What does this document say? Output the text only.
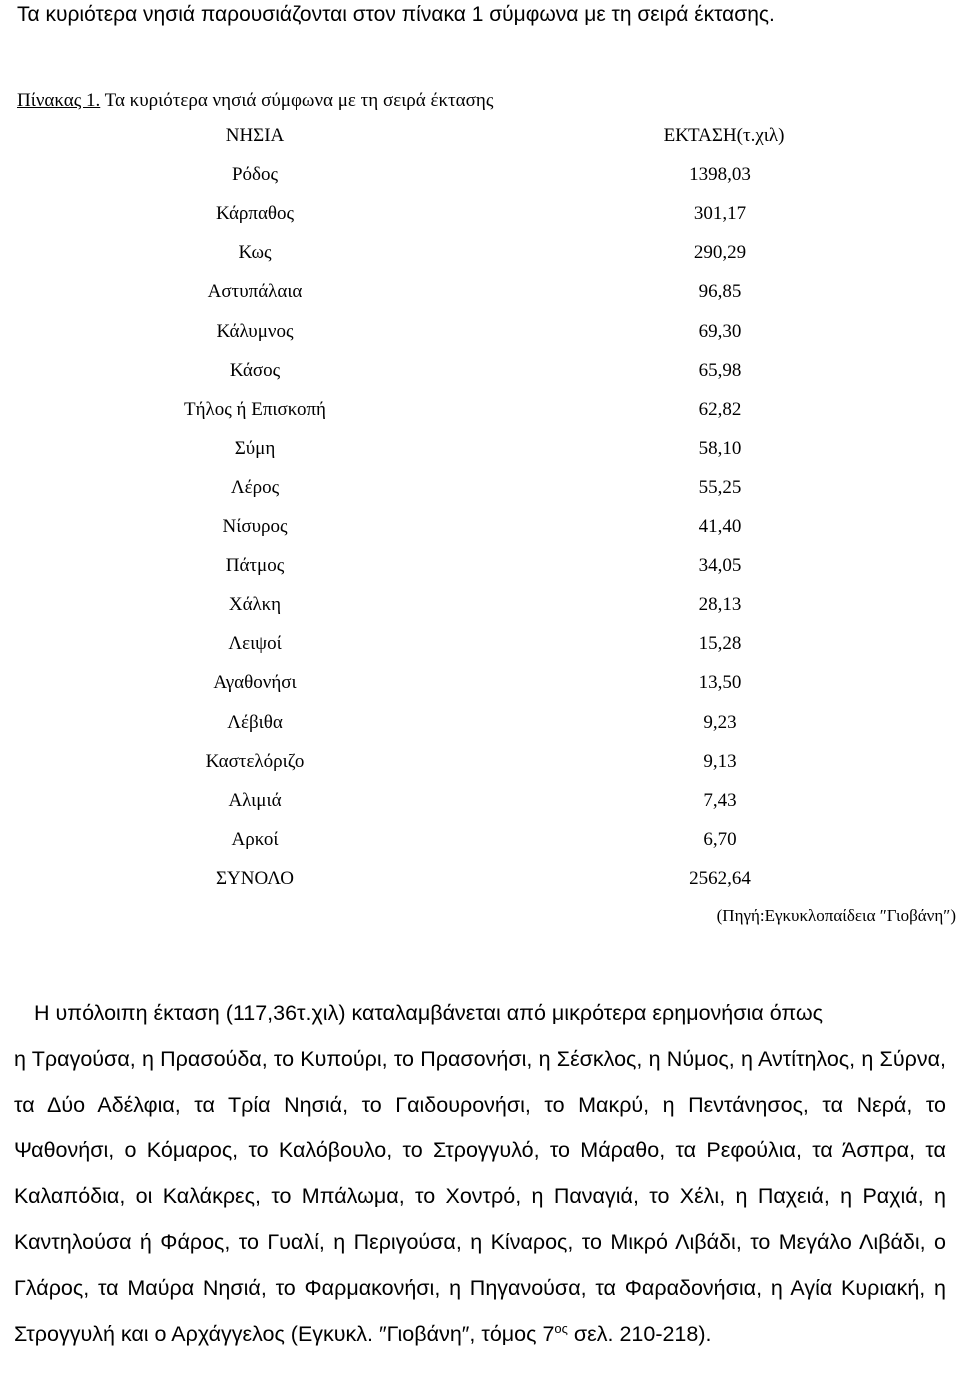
Τα κυριότερα νησιά παρουσιάζονται στον πίνακα 1 σύμφωνα με τη σειρά έκτασης.

Πίνακας 1. Τα κυριότερα νησιά σύμφωνα με τη σειρά έκτασης

ΝΗΣΙΑ	ΕΚΤΑΣΗ(τ.χιλ)
Ρόδος	1398,03
Κάρπαθος	301,17
Κως	290,29
Αστυπάλαια	96,85
Κάλυμνος	69,30
Κάσος	65,98
Τήλος ή Επισκοπή	62,82
Σύμη	58,10
Λέρος	55,25
Νίσυρος	41,40
Πάτμος	34,05
Χάλκη	28,13
Λειψοί	15,28
Αγαθονήσι	13,50
Λέβιθα	9,23
Καστελόριζο	9,13
Αλιμιά	7,43
Αρκοί	6,70
ΣΥΝΟΛΟ	2562,64

(Πηγή:Εγκυκλοπαίδεια ″Γιοβάνη″)

Η υπόλοιπη έκταση (117,36τ.χιλ) καταλαμβάνεται από μικρότερα ερημονήσια όπως
η Τραγούσα, η Πρασούδα, το Κυπούρι, το Πρασονήσι, η Σέσκλος, η Νύμος, η Αντίτηλος, η Σύρνα, τα Δύο Αδέλφια, τα Τρία Νησιά, το Γαιδουρονήσι, το Μακρύ, η Πεντάνησος, τα Νερά, το Ψαθονήσι, ο Κόμαρος, το Καλόβουλο, το Στρογγυλό, το Μάραθο, τα Ρεφούλια, τα Άσπρα, τα Καλαπόδια, οι Καλάκρες, το Μπάλωμα, το Χοντρό, η Παναγιά, το Χέλι, η Παχειά, η Ραχιά, η Καντηλούσα ή Φάρος, το Γυαλί, η Περιγούσα, η Κίναρος, το Μικρό Λιβάδι, το Μεγάλο Λιβάδι, ο Γλάρος, τα Μαύρα Νησιά, το Φαρμακονήσι, η Πηγανούσα, τα Φαραδονήσια, η Αγία Κυριακή, η Στρογγυλή και ο Αρχάγγελος (Εγκυκλ. ″Γιοβάνη″, τόμος $7^{o\varsigma}$ σελ. 210-218).
